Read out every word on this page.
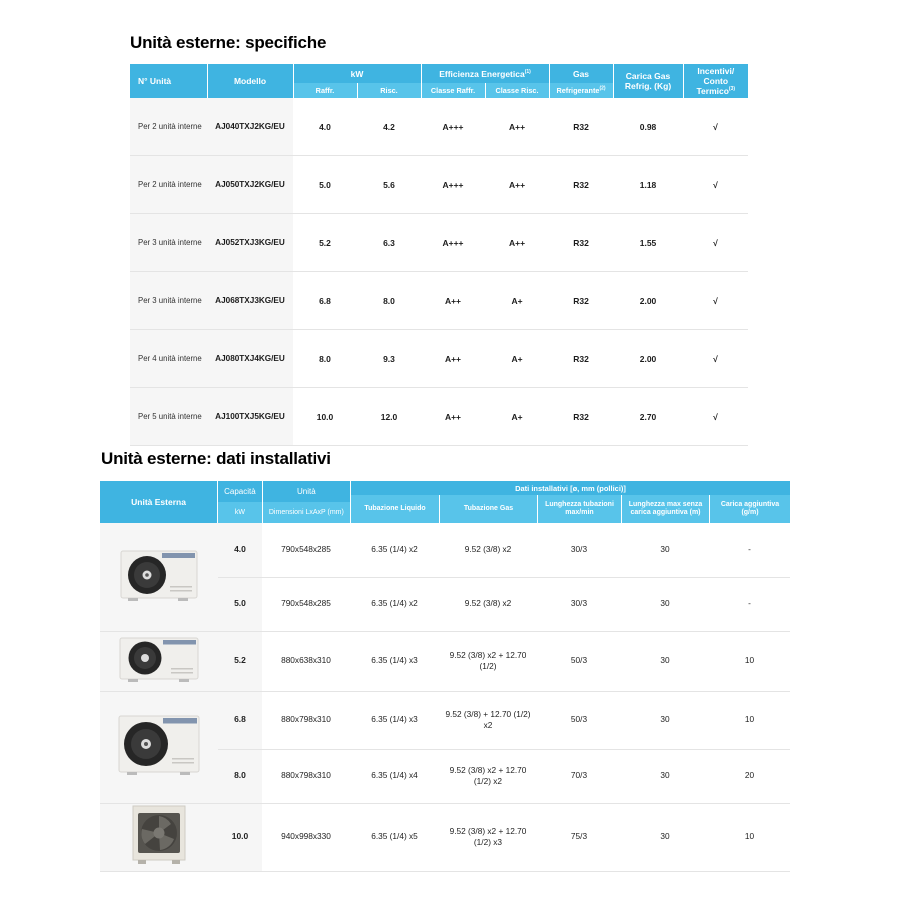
Unità esterne: specifiche
N° Unità	Modello	kW		Efficienza Energetica$^{(1)}$		Gas	Carica Gas Refrig. (Kg)	Incentivi/
Conto Termico$^{(3)}$

		Raffr.	Risc.	Classe Raffr.	Classe Risc.	Refrigerante$^{(2)}$
Per 2 unità interne	AJ040TXJ2KG/EU	4.0	4.2	A+++	A++	R32	0.98	√
Per 2 unità interne	AJ050TXJ2KG/EU	5.0	5.6	A+++	A++	R32	1.18	√
Per 3 unità interne	AJ052TXJ3KG/EU	5.2	6.3	A+++	A++	R32	1.55	√
Per 3 unità interne	AJ068TXJ3KG/EU	6.8	8.0	A++	A+	R32	2.00	√
Per 4 unità interne	AJ080TXJ4KG/EU	8.0	9.3	A++	A+	R32	2.00	√
Per 5 unità interne	AJ100TXJ5KG/EU	10.0	12.0	A++	A+	R32	2.70	√
Unità esterne: dati installativi
Unità Esterna
Capacità
kW
Unità
Dimensioni LxAxP (mm)
Dati installativi [ø, mm (pollici)]
Tubazione Liquido	Tubazione Gas
Lunghezza tubazioni max/min
Lunghezza max senza carica aggiuntiva (m)
Carica aggiuntiva (g/m)
	4.0	790x548x285	6.35 (1/4) x2	9.52 (3/8) x2	30/3	30	-
	5.0	790x548x285	6.35 (1/4) x2	9.52 (3/8) x2	30/3	30	-
	5.2	880x638x310	6.35 (1/4) x3	9.52 (3/8) x2 + 12.70 (1/2)	50/3	30	10
	6.8	880x798x310	6.35 (1/4) x3	9.52 (3/8) + 12.70 (1/2) x2	50/3	30	10
	8.0	880x798x310	6.35 (1/4) x4	9.52 (3/8) x2 + 12.70 (1/2) x2	70/3	30	20
	10.0	940x998x330	6.35 (1/4) x5	9.52 (3/8) x2 + 12.70 (1/2) x3	75/3	30	10
